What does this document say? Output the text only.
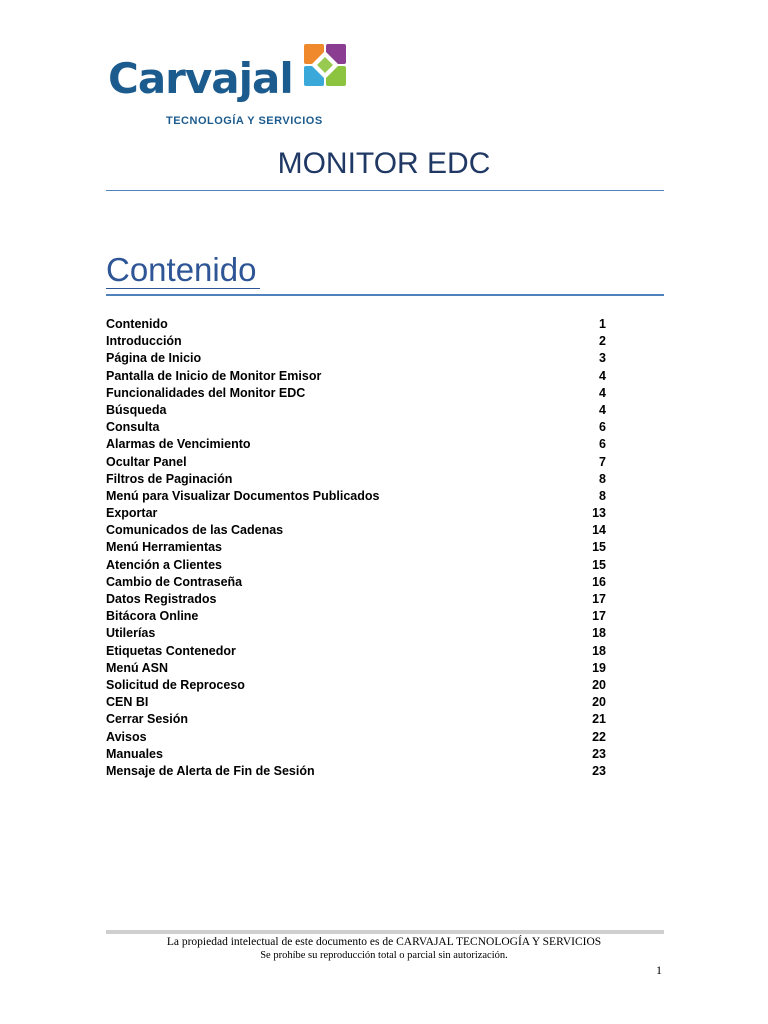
Carvajal
TECNOLOGÍA Y SERVICIOS
MONITOR EDC
Contenido
Contenido	1
Introducción	2
Página de Inicio	3
Pantalla de Inicio de Monitor Emisor	4
Funcionalidades del Monitor EDC	4
Búsqueda	4
Consulta	6
Alarmas de Vencimiento	6
Ocultar Panel	7
Filtros de Paginación	8
Menú para Visualizar Documentos Publicados	8
Exportar	13
Comunicados de las Cadenas	14
Menú Herramientas	15
Atención a Clientes	15
Cambio de Contraseña	16
Datos Registrados	17
Bitácora Online	17
Utilerías	18
Etiquetas Contenedor	18
Menú ASN	19
Solicitud de Reproceso	20
CEN BI	20
Cerrar Sesión	21
Avisos	22
Manuales	23
Mensaje de Alerta de Fin de Sesión	23
La propiedad intelectual de este documento es de CARVAJAL TECNOLOGÍA Y SERVICIOS
Se prohíbe su reproducción total o parcial sin autorización.
1
